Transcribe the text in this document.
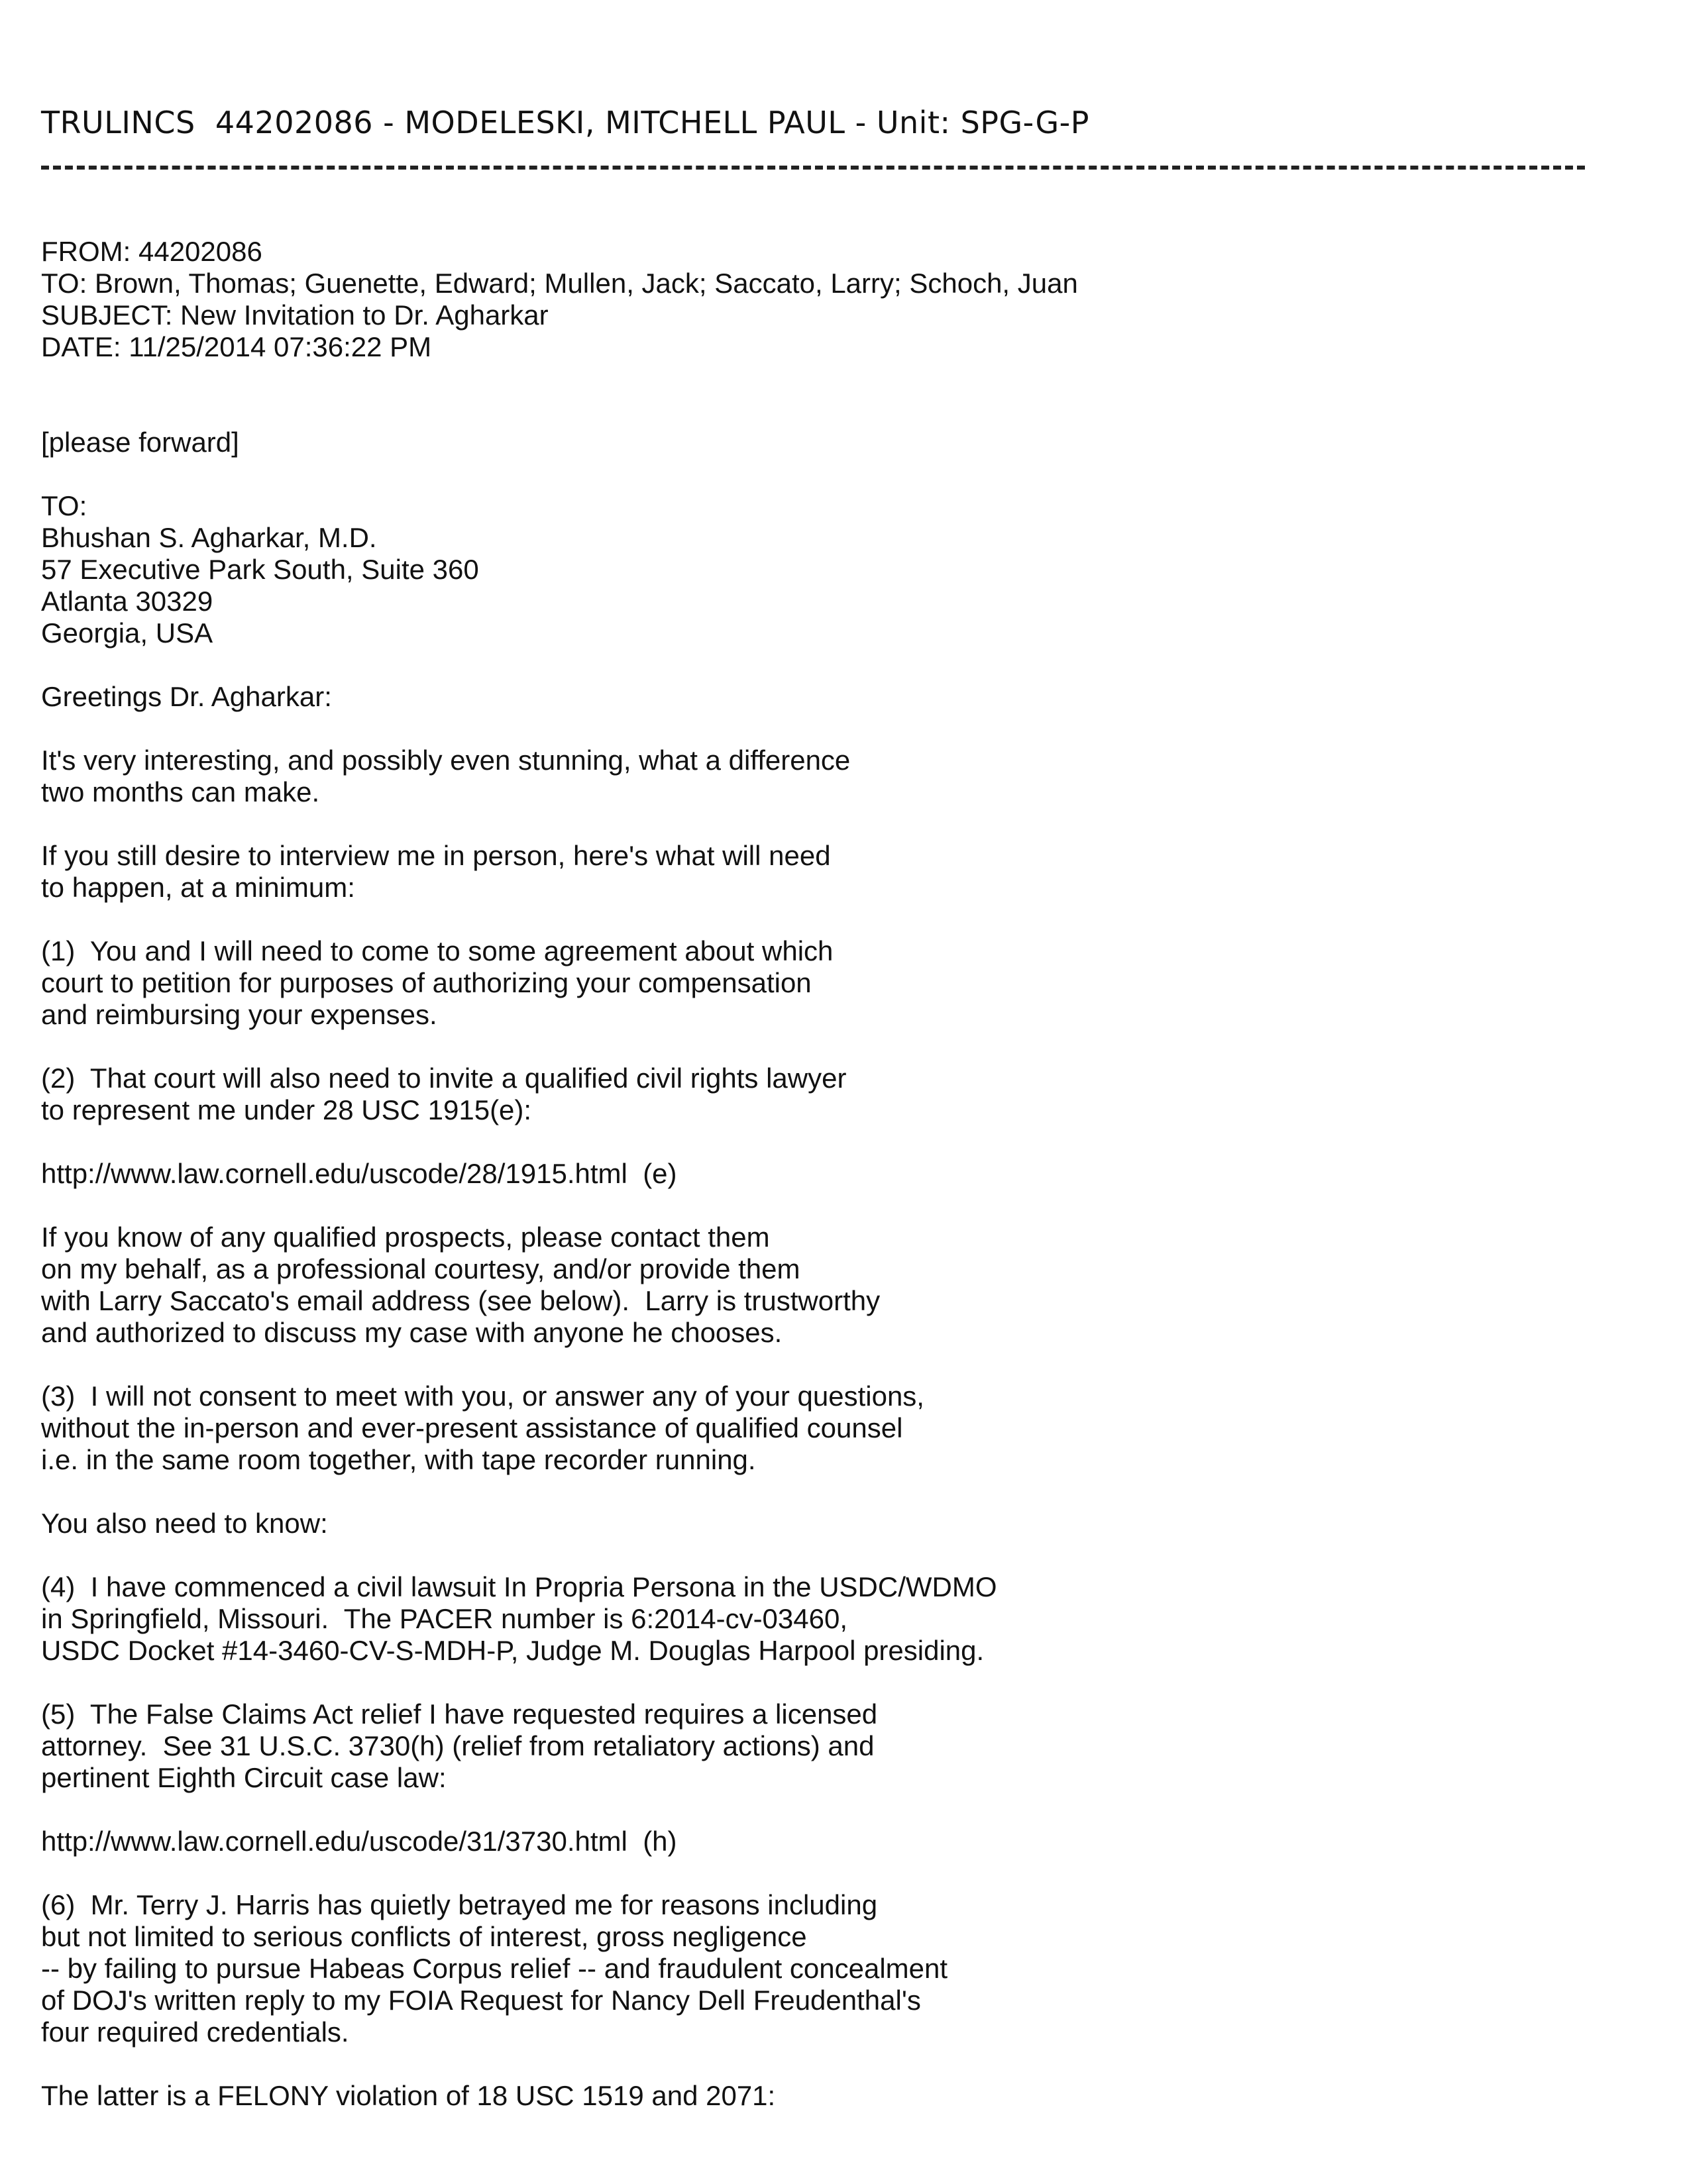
TRULINCS  44202086 - MODELESKI, MITCHELL PAUL - Unit: SPG-G-P
FROM: 44202086
TO: Brown, Thomas; Guenette, Edward; Mullen, Jack; Saccato, Larry; Schoch, Juan
SUBJECT: New Invitation to Dr. Agharkar
DATE: 11/25/2014 07:36:22 PM
[please forward]
TO:
Bhushan S. Agharkar, M.D.
57 Executive Park South, Suite 360
Atlanta 30329
Georgia, USA
Greetings Dr. Agharkar:
It's very interesting, and possibly even stunning, what a difference
two months can make.
If you still desire to interview me in person, here's what will need
to happen, at a minimum:
(1)  You and I will need to come to some agreement about which
court to petition for purposes of authorizing your compensation
and reimbursing your expenses.
(2)  That court will also need to invite a qualified civil rights lawyer
to represent me under 28 USC 1915(e):
http://www.law.cornell.edu/uscode/28/1915.html  (e)
If you know of any qualified prospects, please contact them
on my behalf, as a professional courtesy, and/or provide them
with Larry Saccato's email address (see below).  Larry is trustworthy
and authorized to discuss my case with anyone he chooses.
(3)  I will not consent to meet with you, or answer any of your questions,
without the in-person and ever-present assistance of qualified counsel
i.e. in the same room together, with tape recorder running.
You also need to know:
(4)  I have commenced a civil lawsuit In Propria Persona in the USDC/WDMO
in Springfield, Missouri.  The PACER number is 6:2014-cv-03460,
USDC Docket #14-3460-CV-S-MDH-P, Judge M. Douglas Harpool presiding.
(5)  The False Claims Act relief I have requested requires a licensed
attorney.  See 31 U.S.C. 3730(h) (relief from retaliatory actions) and
pertinent Eighth Circuit case law:
http://www.law.cornell.edu/uscode/31/3730.html  (h)
(6)  Mr. Terry J. Harris has quietly betrayed me for reasons including
but not limited to serious conflicts of interest, gross negligence
-- by failing to pursue Habeas Corpus relief -- and fraudulent concealment
of DOJ's written reply to my FOIA Request for Nancy Dell Freudenthal's
four required credentials.
The latter is a FELONY violation of 18 USC 1519 and 2071:
